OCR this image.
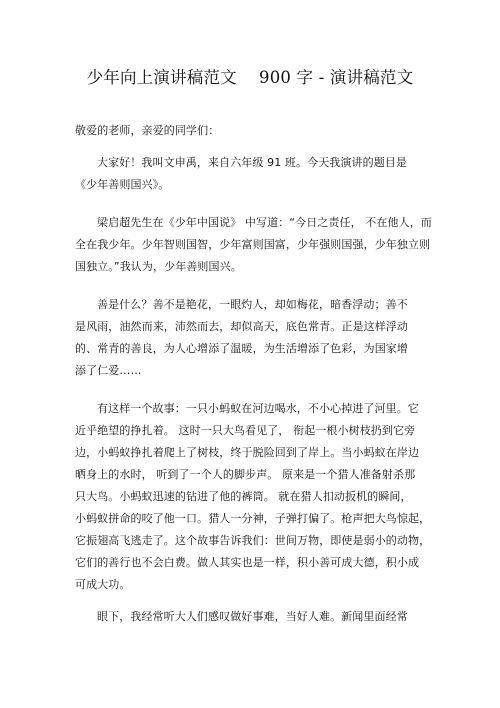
少年向上演讲稿范文　 900 字 - 演讲稿范文
敬爱的老师，亲爱的同学们：
大家好！我叫文申禹，来自六年级 91 班。今天我演讲的题目是
《少年善则国兴》。
梁启超先生在《少年中国说》 中写道：“今日之责任， 不在他人，而
全在我少年。少年智则国智，少年富则国富，少年强则国强，少年独立则
国独立。”我认为，少年善则国兴。
善是什么？善不是艳花，一眼灼人，却如梅花，暗香浮动；善不
是风雨，油然而来，沛然而去，却似高天，底色常青。正是这样浮动
的、常青的善良，为人心增添了温暖，为生活增添了色彩，为国家增
添了仁爱……
有这样一个故事：一只小蚂蚁在河边喝水，不小心掉进了河里。它
近乎绝望的挣扎着。 这时一只大鸟看见了， 衔起一根小树枝扔到它旁
边，小蚂蚁挣扎着爬上了树枝，终于脱险回到了岸上。当小蚂蚁在岸边
晒身上的水时， 听到了一个人的脚步声。 原来是一个猎人准备射杀那
只大鸟。小蚂蚁迅速的钻进了他的裤筒。 就在猎人扣动扳机的瞬间，
小蚂蚁拼命的咬了他一口。猎人一分神，子弹打偏了。枪声把大鸟惊起，
它振翅高飞逃走了。这个故事告诉我们：世间万物，即使是弱小的动物，
它们的善行也不会白费。做人其实也是一样，积小善可成大德，积小成
可成大功。
眼下，我经常听大人们感叹做好事难，当好人难。新闻里面经常
